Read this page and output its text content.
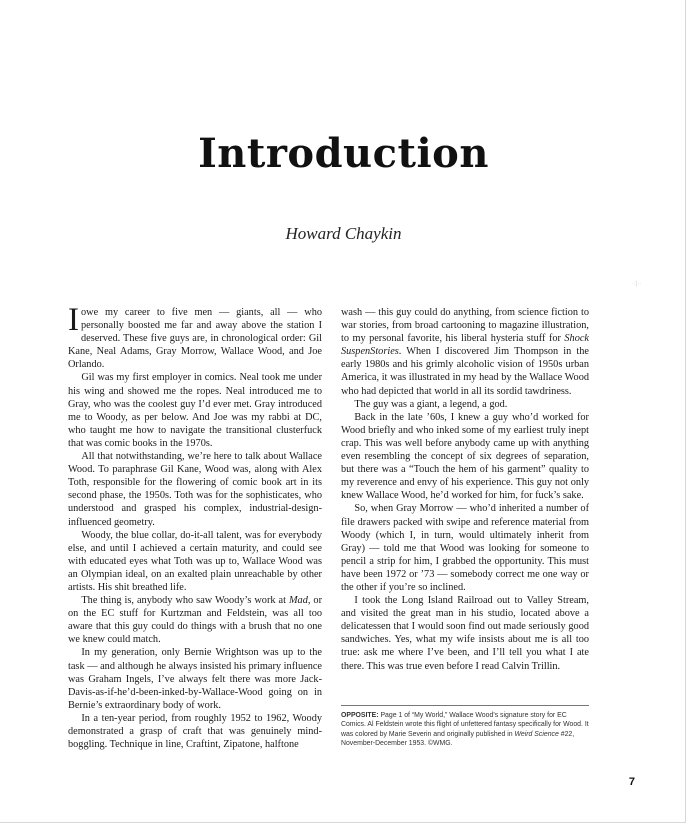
·:|··
Introduction
Howard Chaykin

I owe my career to five men — giants, all — who personally boosted me far and away above the station I deserved. These five guys are, in chronological order: Gil Kane, Neal Adams, Gray Morrow, Wallace Wood, and Joe Orlando.

Gil was my first employer in comics. Neal took me under his wing and showed me the ropes. Neal introduced me to Gray, who was the coolest guy I’d ever met. Gray introduced me to Woody, as per below. And Joe was my rabbi at DC, who taught me how to navigate the transitional clusterfuck that was comic books in the 1970s.

All that notwithstanding, we’re here to talk about Wallace Wood. To paraphrase Gil Kane, Wood was, along with Alex Toth, responsible for the flowering of comic book art in its second phase, the 1950s. Toth was for the sophisticates, who understood and grasped his complex, industrial-design-influenced geometry.

Woody, the blue collar, do-it-all talent, was for everybody else, and until I achieved a certain maturity, and could see with educated eyes what Toth was up to, Wallace Wood was an Olympian ideal, on an exalted plain unreachable by other artists. His shit breathed life.

The thing is, anybody who saw Woody’s work at Mad, or on the EC stuff for Kurtzman and Feldstein, was all too aware that this guy could do things with a brush that no one we knew could match.

In my generation, only Bernie Wrightson was up to the task — and although he always insisted his primary influence was Graham Ingels, I’ve always felt there was more Jack-Davis-as-if-he’d-been-inked-by-Wallace-Wood going on in Bernie’s extraordinary body of work.

In a ten-year period, from roughly 1952 to 1962, Woody demonstrated a grasp of craft that was genuinely mind-boggling. Technique in line, Craftint, Zipatone, halftone

wash — this guy could do anything, from science fiction to war stories, from broad cartooning to magazine illustration, to my personal favorite, his liberal hysteria stuff for Shock SuspenStories. When I discovered Jim Thompson in the early 1980s and his grimly alcoholic vision of 1950s urban America, it was illustrated in my head by the Wallace Wood who had depicted that world in all its sordid tawdriness.

The guy was a giant, a legend, a god.

Back in the late ’60s, I knew a guy who’d worked for Wood briefly and who inked some of my earliest truly inept crap. This was well before anybody came up with anything even resembling the concept of six degrees of separation, but there was a “Touch the hem of his garment” quality to my reverence and envy of his experience. This guy not only knew Wallace Wood, he’d worked for him, for fuck’s sake.

So, when Gray Morrow — who’d inherited a number of file drawers packed with swipe and reference material from Woody (which I, in turn, would ultimately inherit from Gray) — told me that Wood was looking for someone to pencil a strip for him, I grabbed the opportunity. This must have been 1972 or ’73 — somebody correct me one way or the other if you’re so inclined.

I took the Long Island Railroad out to Valley Stream, and visited the great man in his studio, located above a delicatessen that I would soon find out made seriously good sandwiches. Yes, what my wife insists about me is all too true: ask me where I’ve been, and I’ll tell you what I ate there. This was true even before I read Calvin Trillin.

OPPOSITE: Page 1 of “My World,” Wallace Wood’s signature story for EC Comics. Al Feldstein wrote this flight of unfettered fantasy specifically for Wood. It was colored by Marie Severin and originally published in Weird Science #22, November-December 1953. ©WMG.
7
